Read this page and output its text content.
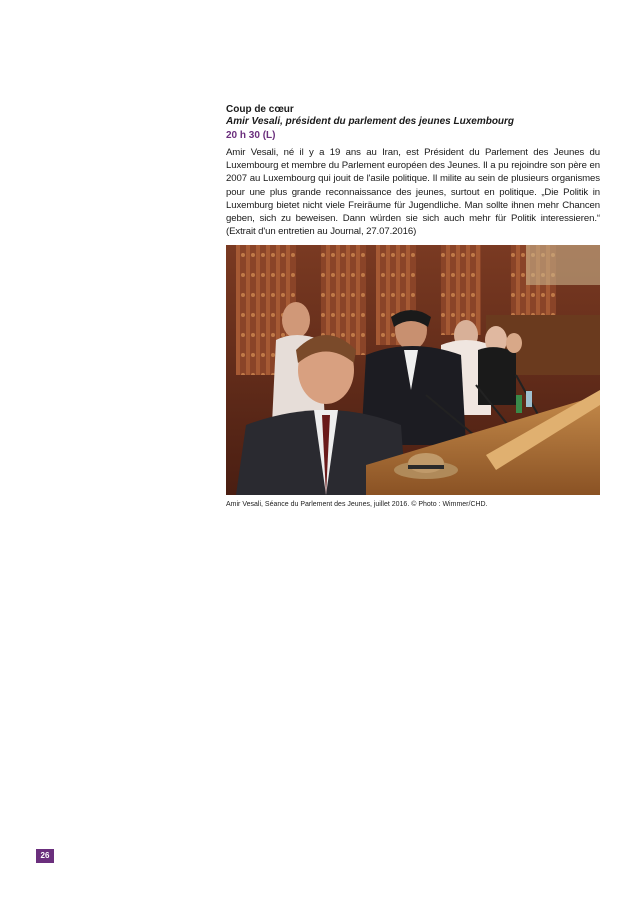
Coup de cœur

Amir Vesali, président du parlement des jeunes Luxembourg

20 h 30 (L)

Amir Vesali, né il y a 19 ans au Iran, est Président du Parlement des Jeunes du Luxembourg et membre du Parlement européen des Jeunes. Il a pu rejoindre son père en 2007 au Luxembourg qui jouit de l'asile politique. Il milite au sein de plusieurs organismes pour une plus grande reconnaissance des jeunes, surtout en politique. „Die Politik in Luxemburg bietet nicht viele Freiräume für Jugendliche. Man sollte ihnen mehr Chancen geben, sich zu beweisen. Dann würden sie sich auch mehr für Politik interessieren.“ (Extrait d'un entretien au Journal, 27.07.2016)

Amir Vesali, Séance du Parlement des Jeunes, juillet 2016. © Photo : Wimmer/CHD.

26
